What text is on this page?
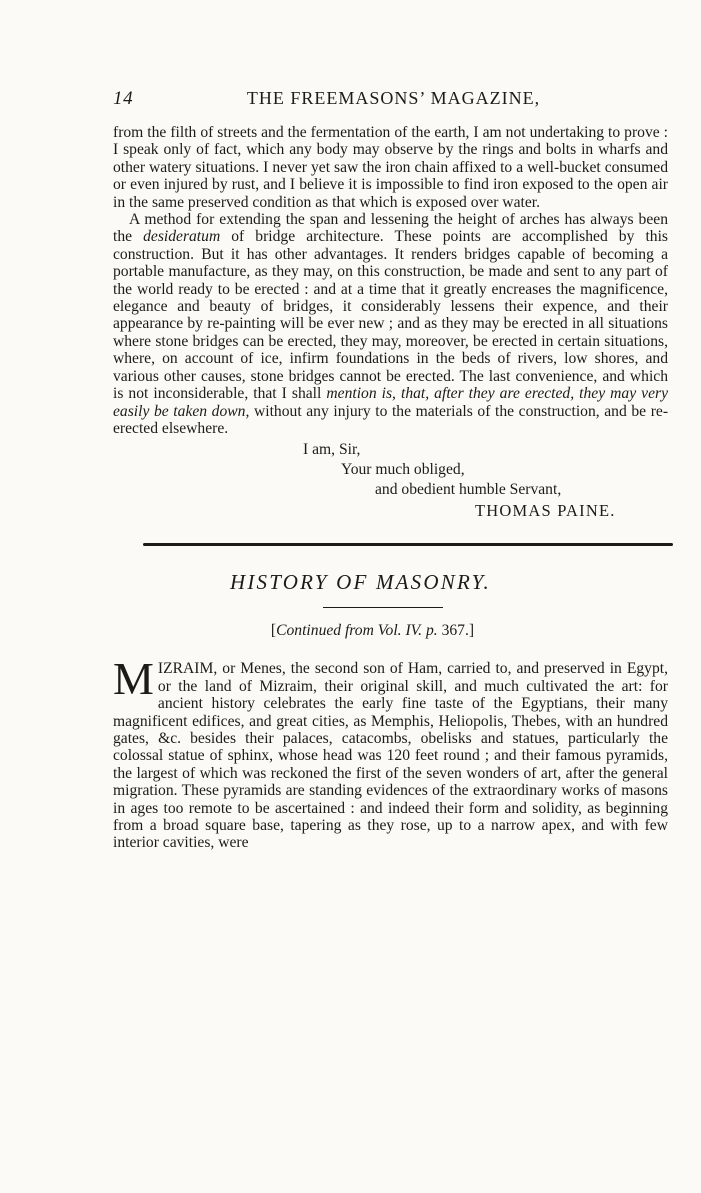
14	THE FREEMASONS’ MAGAZINE,

from the filth of streets and the fermentation of the earth, I am not undertaking to prove : I speak only of fact, which any body may observe by the rings and bolts in wharfs and other watery situations. I never yet saw the iron chain affixed to a well-bucket consumed or even injured by rust, and I believe it is impossible to find iron exposed to the open air in the same preserved condition as that which is exposed over water.

A method for extending the span and lessening the height of arches has always been the desideratum of bridge architecture. These points are accomplished by this construction. But it has other advantages. It renders bridges capable of becoming a portable manufacture, as they may, on this construction, be made and sent to any part of the world ready to be erected : and at a time that it greatly encreases the magnificence, elegance and beauty of bridges, it considerably lessens their expence, and their appearance by re-painting will be ever new ; and as they may be erected in all situations where stone bridges can be erected, they may, moreover, be erected in certain situations, where, on account of ice, infirm foundations in the beds of rivers, low shores, and various other causes, stone bridges cannot be erected. The last convenience, and which is not inconsiderable, that I shall mention is, that, after they are erected, they may very easily be taken down, without any injury to the materials of the construction, and be re-erected elsewhere.

I am, Sir,
Your much obliged,
and obedient humble Servant,
THOMAS PAINE.
HISTORY OF MASONRY.
[Continued from Vol. IV. p. 367.]

MIZRAIM, or Menes, the second son of Ham, carried to, and preserved in Egypt, or the land of Mizraim, their original skill, and much cultivated the art: for ancient history celebrates the early fine taste of the Egyptians, their many magnificent edifices, and great cities, as Memphis, Heliopolis, Thebes, with an hundred gates, &c. besides their palaces, catacombs, obelisks and statues, particularly the colossal statue of sphinx, whose head was 120 feet round ; and their famous pyramids, the largest of which was reckoned the first of the seven wonders of art, after the general migration. These pyramids are standing evidences of the extraordinary works of masons in ages too remote to be ascertained : and indeed their form and solidity, as beginning from a broad square base, tapering as they rose, up to a narrow apex, and with few interior cavities, were
